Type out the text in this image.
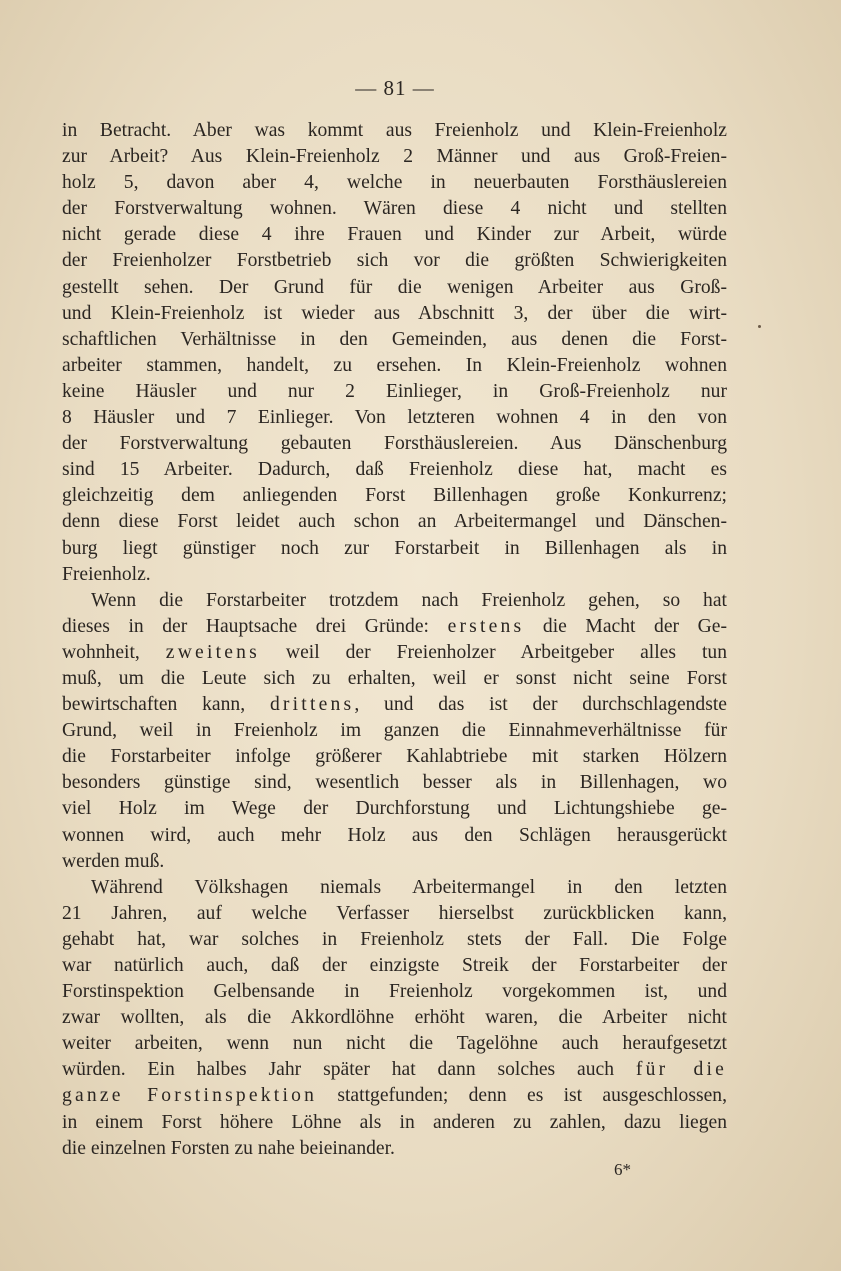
— 81 —
in Betracht. Aber was kommt aus Freienholz und Klein-Freienholz
zur Arbeit? Aus Klein-Freienholz 2 Männer und aus Groß-Freien-
holz 5, davon aber 4, welche in neuerbauten Forsthäuslereien
der Forstverwaltung wohnen. Wären diese 4 nicht und stellten
nicht gerade diese 4 ihre Frauen und Kinder zur Arbeit, würde
der Freienholzer Forstbetrieb sich vor die größten Schwierigkeiten
gestellt sehen. Der Grund für die wenigen Arbeiter aus Groß-
und Klein-Freienholz ist wieder aus Abschnitt 3, der über die wirt-
schaftlichen Verhältnisse in den Gemeinden, aus denen die Forst-
arbeiter stammen, handelt, zu ersehen. In Klein-Freienholz wohnen
keine Häusler und nur 2 Einlieger, in Groß-Freienholz nur
8 Häusler und 7 Einlieger. Von letzteren wohnen 4 in den von
der Forstverwaltung gebauten Forsthäuslereien. Aus Dänschenburg
sind 15 Arbeiter. Dadurch, daß Freienholz diese hat, macht es
gleichzeitig dem anliegenden Forst Billenhagen große Konkurrenz;
denn diese Forst leidet auch schon an Arbeitermangel und Dänschen-
burg liegt günstiger noch zur Forstarbeit in Billenhagen als in
Freienholz.
Wenn die Forstarbeiter trotzdem nach Freienholz gehen, so hat
dieses in der Hauptsache drei Gründe: erstens die Macht der Ge-
wohnheit, zweitens weil der Freienholzer Arbeitgeber alles tun
muß, um die Leute sich zu erhalten, weil er sonst nicht seine Forst
bewirtschaften kann, drittens, und das ist der durchschlagendste
Grund, weil in Freienholz im ganzen die Einnahmeverhältnisse für
die Forstarbeiter infolge größerer Kahlabtriebe mit starken Hölzern
besonders günstige sind, wesentlich besser als in Billenhagen, wo
viel Holz im Wege der Durchforstung und Lichtungshiebe ge-
wonnen wird, auch mehr Holz aus den Schlägen herausgerückt
werden muß.
Während Völkshagen niemals Arbeitermangel in den letzten
21 Jahren, auf welche Verfasser hierselbst zurückblicken kann,
gehabt hat, war solches in Freienholz stets der Fall. Die Folge
war natürlich auch, daß der einzigste Streik der Forstarbeiter der
Forstinspektion Gelbensande in Freienholz vorgekommen ist, und
zwar wollten, als die Akkordlöhne erhöht waren, die Arbeiter nicht
weiter arbeiten, wenn nun nicht die Tagelöhne auch heraufgesetzt
würden. Ein halbes Jahr später hat dann solches auch für die
ganze Forstinspektion stattgefunden; denn es ist ausgeschlossen,
in einem Forst höhere Löhne als in anderen zu zahlen, dazu liegen
die einzelnen Forsten zu nahe beieinander.
6*
